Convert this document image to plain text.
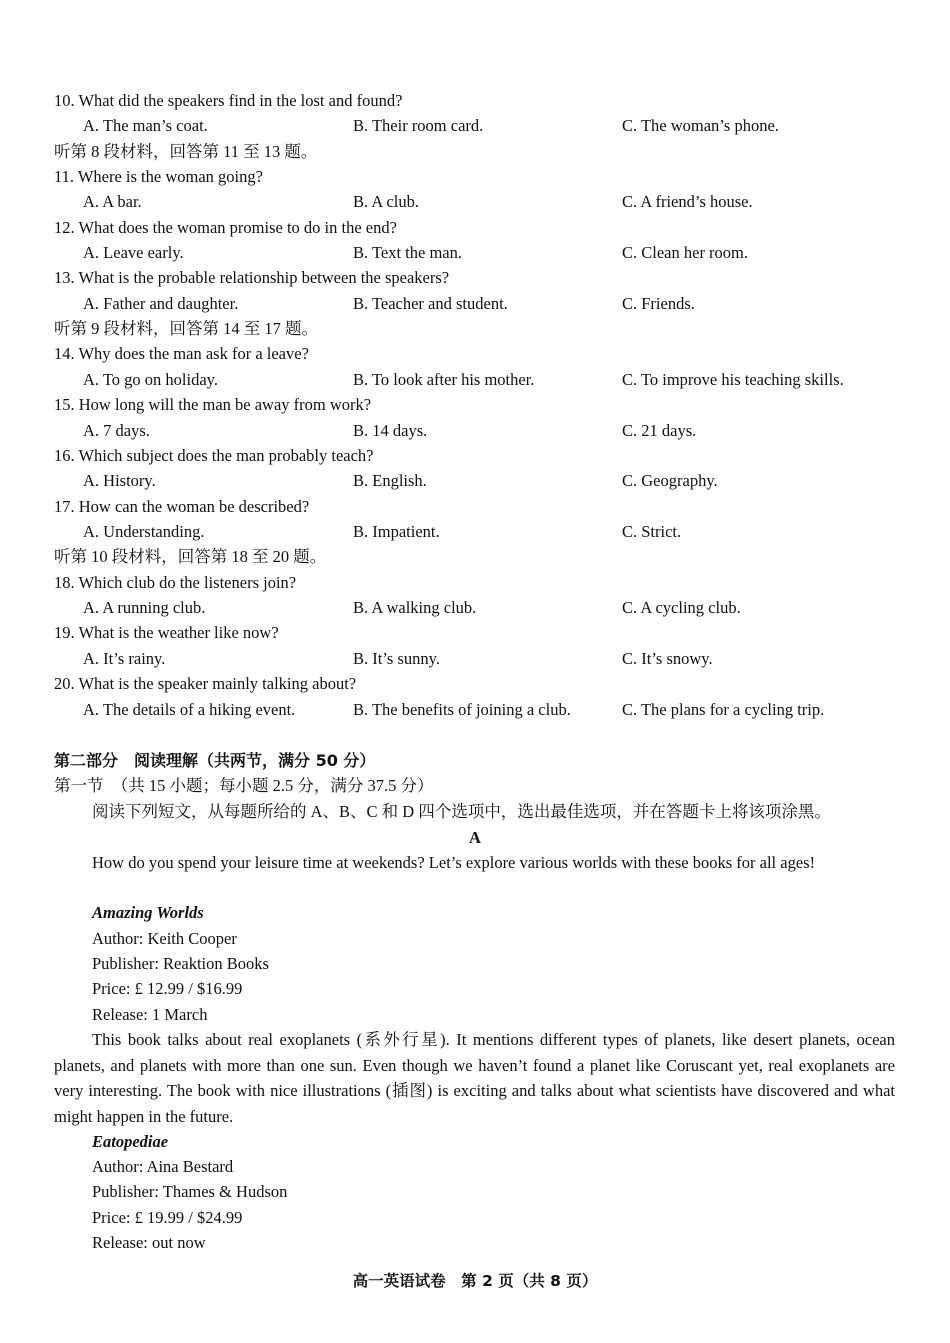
10. What did the speakers find in the lost and found?
A. The man’s coat.	B. Their room card.	C. The woman’s phone.
听第 8 段材料，回答第 11 至 13 题。
11. Where is the woman going?
A. A bar.	B. A club.	C. A friend’s house.
12. What does the woman promise to do in the end?
A. Leave early.	B. Text the man.	C. Clean her room.
13. What is the probable relationship between the speakers?
A. Father and daughter.	B. Teacher and student.	C. Friends.
听第 9 段材料，回答第 14 至 17 题。
14. Why does the man ask for a leave?
A. To go on holiday.	B. To look after his mother.	C. To improve his teaching skills.
15. How long will the man be away from work?
A. 7 days.	B. 14 days.	C. 21 days.
16. Which subject does the man probably teach?
A. History.	B. English.	C. Geography.
17. How can the woman be described?
A. Understanding.	B. Impatient.	C. Strict.
听第 10 段材料，回答第 18 至 20 题。
18. Which club do the listeners join?
A. A running club.	B. A walking club.	C. A cycling club.
19. What is the weather like now?
A. It’s rainy.	B. It’s sunny.	C. It’s snowy.
20. What is the speaker mainly talking about?
A. The details of a hiking event.	B. The benefits of joining a club.	C. The plans for a cycling trip.
第二部分　阅读理解（共两节，满分 50 分）
第一节　（共 15 小题；每小题 2.5 分，满分 37.5 分）
阅读下列短文，从每题所给的 A、B、C 和 D 四个选项中，选出最佳选项，并在答题卡上将该项涂黑。
A
How do you spend your leisure time at weekends? Let’s explore various worlds with these books for all ages!
Amazing Worlds
Author: Keith Cooper
Publisher: Reaktion Books
Price: £ 12.99 / $16.99
Release: 1 March
This book talks about real exoplanets (系外行星). It mentions different types of planets, like desert planets, ocean planets, and planets with more than one sun. Even though we haven’t found a planet like Coruscant yet, real exoplanets are very interesting. The book with nice illustrations (插图) is exciting and talks about what scientists have discovered and what might happen in the future.
Eatopediae
Author: Aina Bestard
Publisher: Thames & Hudson
Price: £ 19.99 / $24.99
Release: out now
高一英语试卷　第 2 页（共 8 页）
